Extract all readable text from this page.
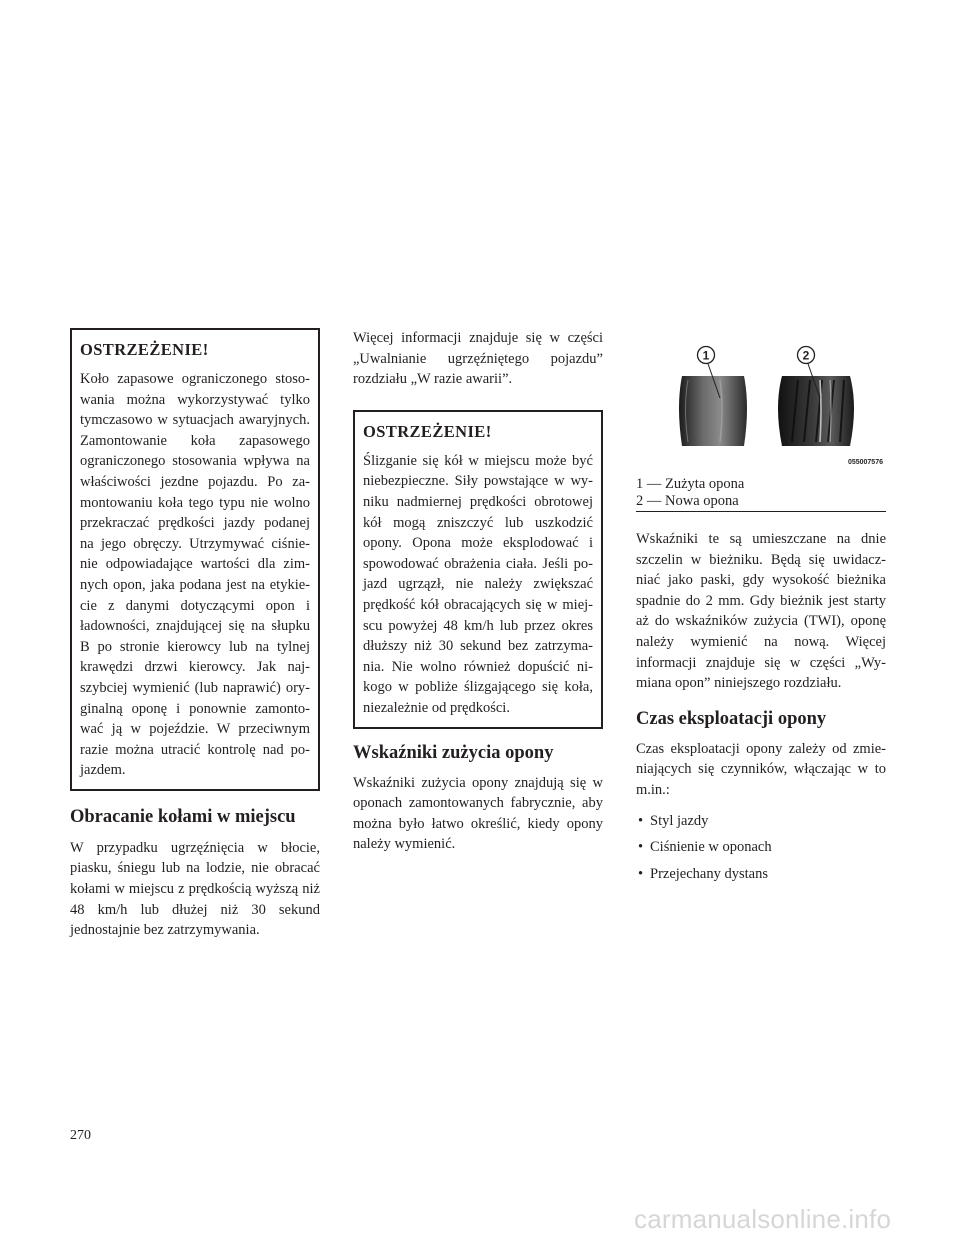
OSTRZEŻENIE!

Koło zapasowe ograniczonego stoso-wania można wykorzystywać tylko tymczasowo w sytuacjach awaryjnych. Zamontowanie koła zapasowego ograniczonego stosowania wpływa na właściwości jezdne pojazdu. Po za-montowaniu koła tego typu nie wolno przekraczać prędkości jazdy podanej na jego obręczy. Utrzymywać ciśnie-nie odpowiadające wartości dla zim-nych opon, jaka podana jest na etykie-cie z danymi dotyczącymi opon i ładowności, znajdującej się na słupku B po stronie kierowcy lub na tylnej krawędzi drzwi kierowcy. Jak naj-szybciej wymienić (lub naprawić) ory-ginalną oponę i ponownie zamonto-wać ją w pojeździe. W przeciwnym razie można utracić kontrolę nad po-jazdem.

Obracanie kołami w miejscu

W przypadku ugrzęźnięcia w błocie, piasku, śniegu lub na lodzie, nie obracać kołami w miejscu z prędkością wyższą niż 48 km/h lub dłużej niż 30 sekund jednostajnie bez zatrzymywania.

Więcej informacji znajduje się w części „Uwalnianie ugrzęźniętego pojazdu” rozdziału „W razie awarii”.

OSTRZEŻENIE!

Ślizganie się kół w miejscu może być niebezpieczne. Siły powstające w wy-niku nadmiernej prędkości obrotowej kół mogą zniszczyć lub uszkodzić opony. Opona może eksplodować i spowodować obrażenia ciała. Jeśli po-jazd ugrzązł, nie należy zwiększać prędkość kół obracających się w miej-scu powyżej 48 km/h lub przez okres dłuższy niż 30 sekund bez zatrzyma-nia. Nie wolno również dopuścić ni-kogo w pobliże ślizgającego się koła, niezależnie od prędkości.

Wskaźniki zużycia opony

Wskaźniki zużycia opony znajdują się w oponach zamontowanych fabrycznie, aby można było łatwo określić, kiedy opony należy wymienić.

1	2
055007576
1 — Zużyta opona
2 — Nowa opona

Wskaźniki te są umieszczane na dnie szczelin w bieżniku. Będą się uwidacz-niać jako paski, gdy wysokość bieżnika spadnie do 2 mm. Gdy bieżnik jest starty aż do wskaźników zużycia (TWI), oponę należy wymienić na nową. Więcej informacji znajduje się w części „Wy-miana opon” niniejszego rozdziału.

Czas eksploatacji opony

Czas eksploatacji opony zależy od zmie-niających się czynników, włączając w to m.in.:

• Styl jazdy
• Ciśnienie w oponach
• Przejechany dystans
270
carmanualsonline.info
